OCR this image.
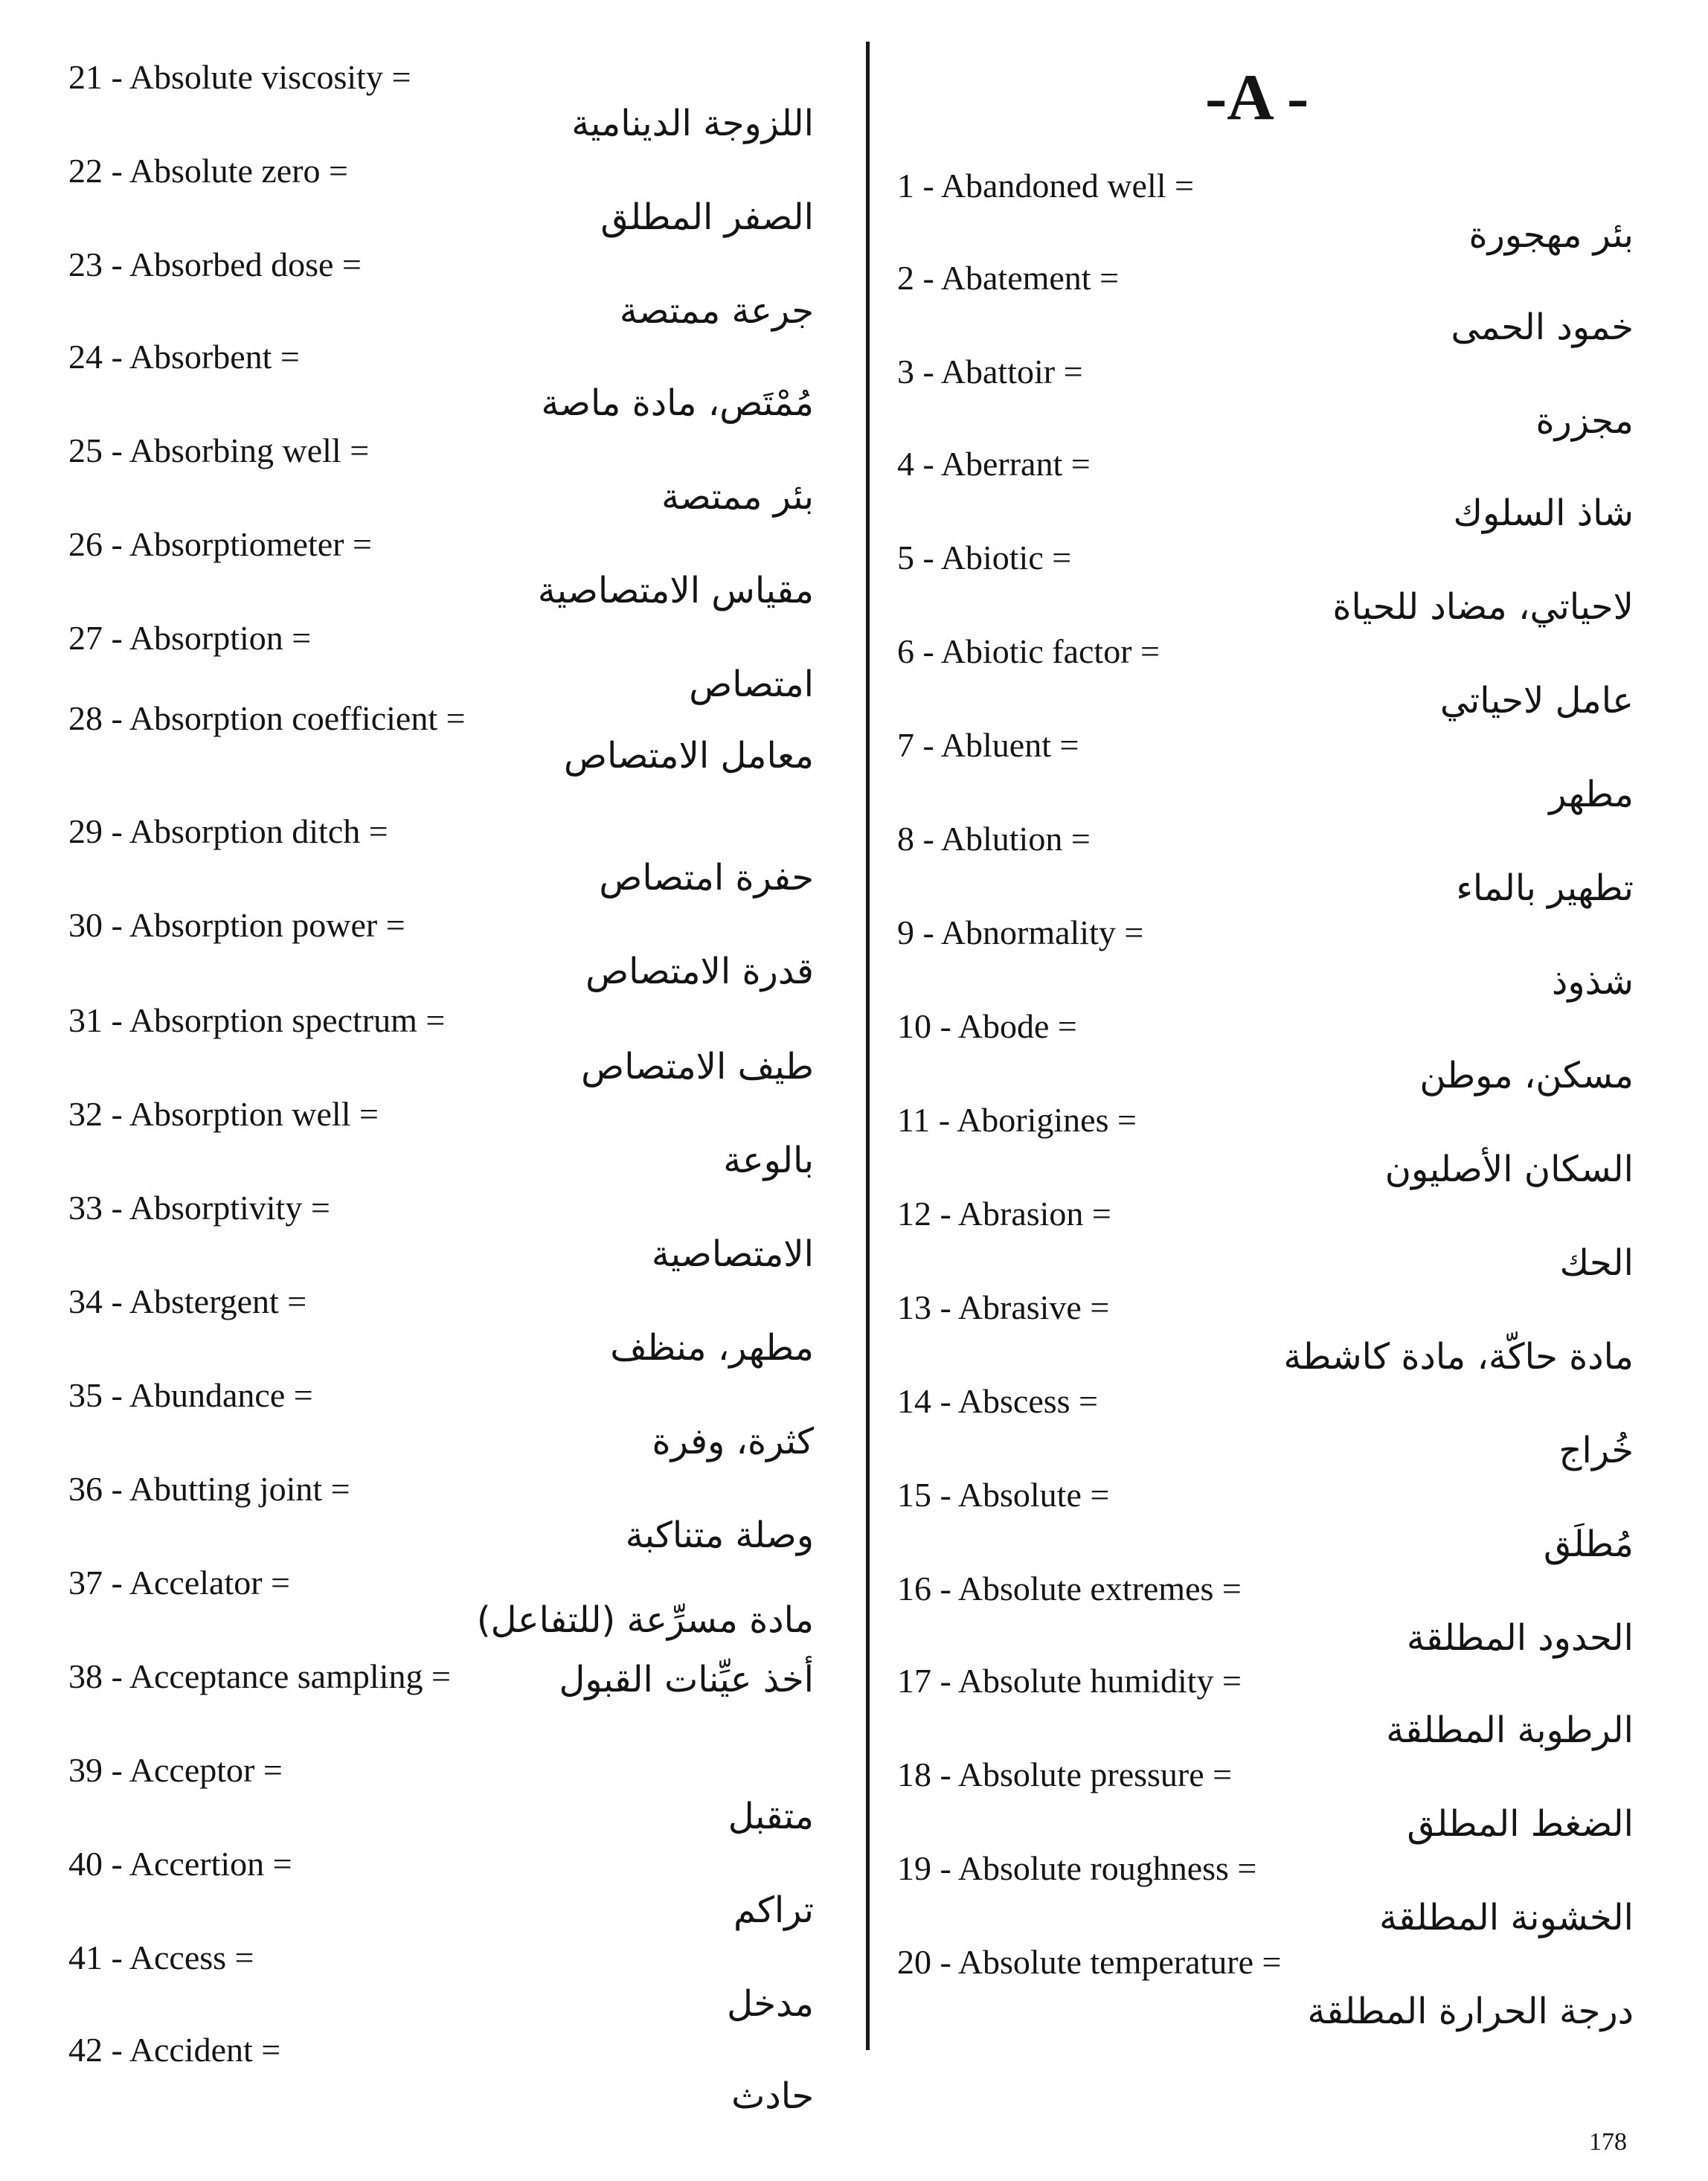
-A -
21 - Absolute viscosity =
اللزوجة الدينامية
22 - Absolute zero =
الصفر المطلق
23 - Absorbed dose =
جرعة ممتصة
24 - Absorbent =
مُمْتَص، مادة ماصة
25 - Absorbing well =
بئر ممتصة
26 - Absorptiometer =
مقياس الامتصاصية
27 - Absorption =
امتصاص
28 - Absorption coefficient =
معامل الامتصاص
29 - Absorption ditch =
حفرة امتصاص
30 - Absorption power =
قدرة الامتصاص
31 - Absorption spectrum =
طيف الامتصاص
32 - Absorption well =
بالوعة
33 - Absorptivity =
الامتصاصية
34 - Abstergent =
مطهر، منظف
35 - Abundance =
كثرة، وفرة
36 - Abutting joint =
وصلة متناكبة
37 - Accelator =
مادة مسرِّعة (للتفاعل)
38 - Acceptance sampling =	أخذ عيِّنات القبول
39 - Acceptor =
متقبل
40 - Accertion =
تراكم
41 - Access =
مدخل
42 - Accident =
حادث
1 - Abandoned well =
بئر مهجورة
2 - Abatement =
خمود الحمى
3 - Abattoir =
مجزرة
4 - Aberrant =
شاذ السلوك
5 - Abiotic =
لاحياتي، مضاد للحياة
6 - Abiotic factor =
عامل لاحياتي
7 - Abluent =
مطهر
8 - Ablution =
تطهير بالماء
9 - Abnormality =
شذوذ
10 - Abode =
مسكن، موطن
11 - Aborigines =
السكان الأصليون
12 - Abrasion =
الحك
13 - Abrasive =
مادة حاكّة، مادة كاشطة
14 - Abscess =
خُراج
15 - Absolute =
مُطلَق
16 - Absolute extremes =
الحدود المطلقة
17 - Absolute humidity =
الرطوبة المطلقة
18 - Absolute pressure =
الضغط المطلق
19 - Absolute roughness =
الخشونة المطلقة
20 - Absolute temperature =
درجة الحرارة المطلقة
178
